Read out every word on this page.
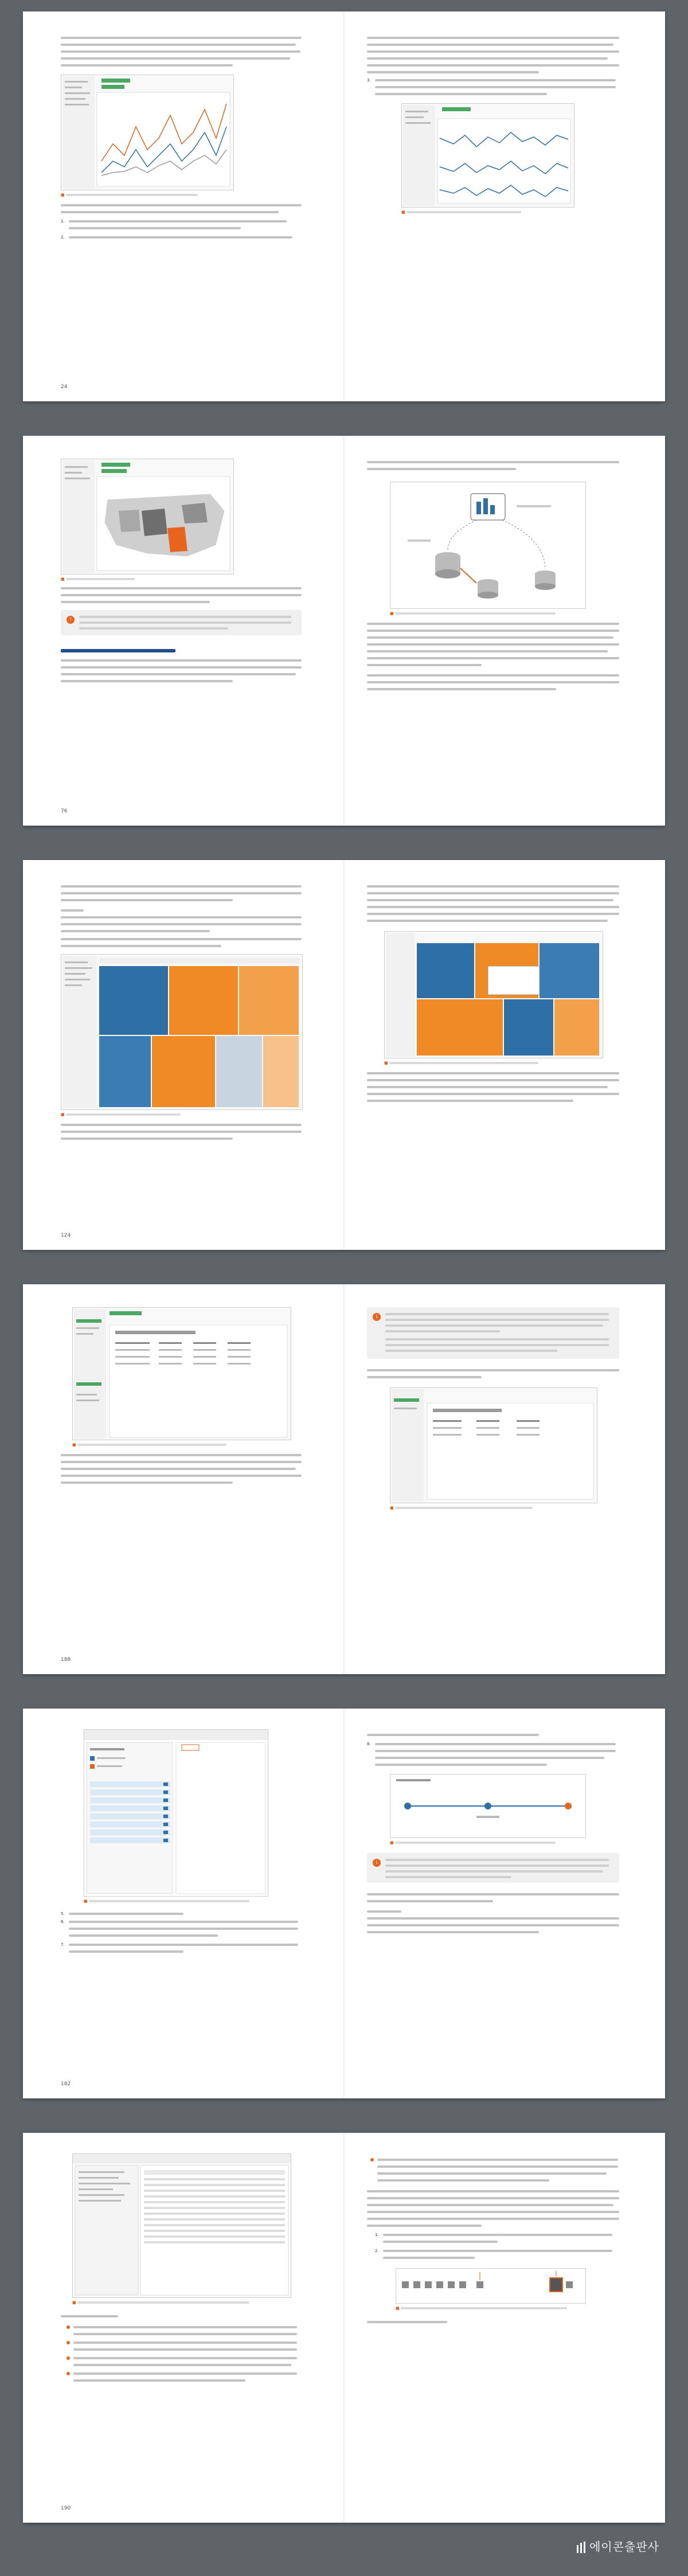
■
1.
2.
24
3.
■
■
!
76
■
■
124
■
■
188
i
■
■
5.
6.
7.
182
8.
■
i
■
190
1.
2.
■
에이콘출판사
